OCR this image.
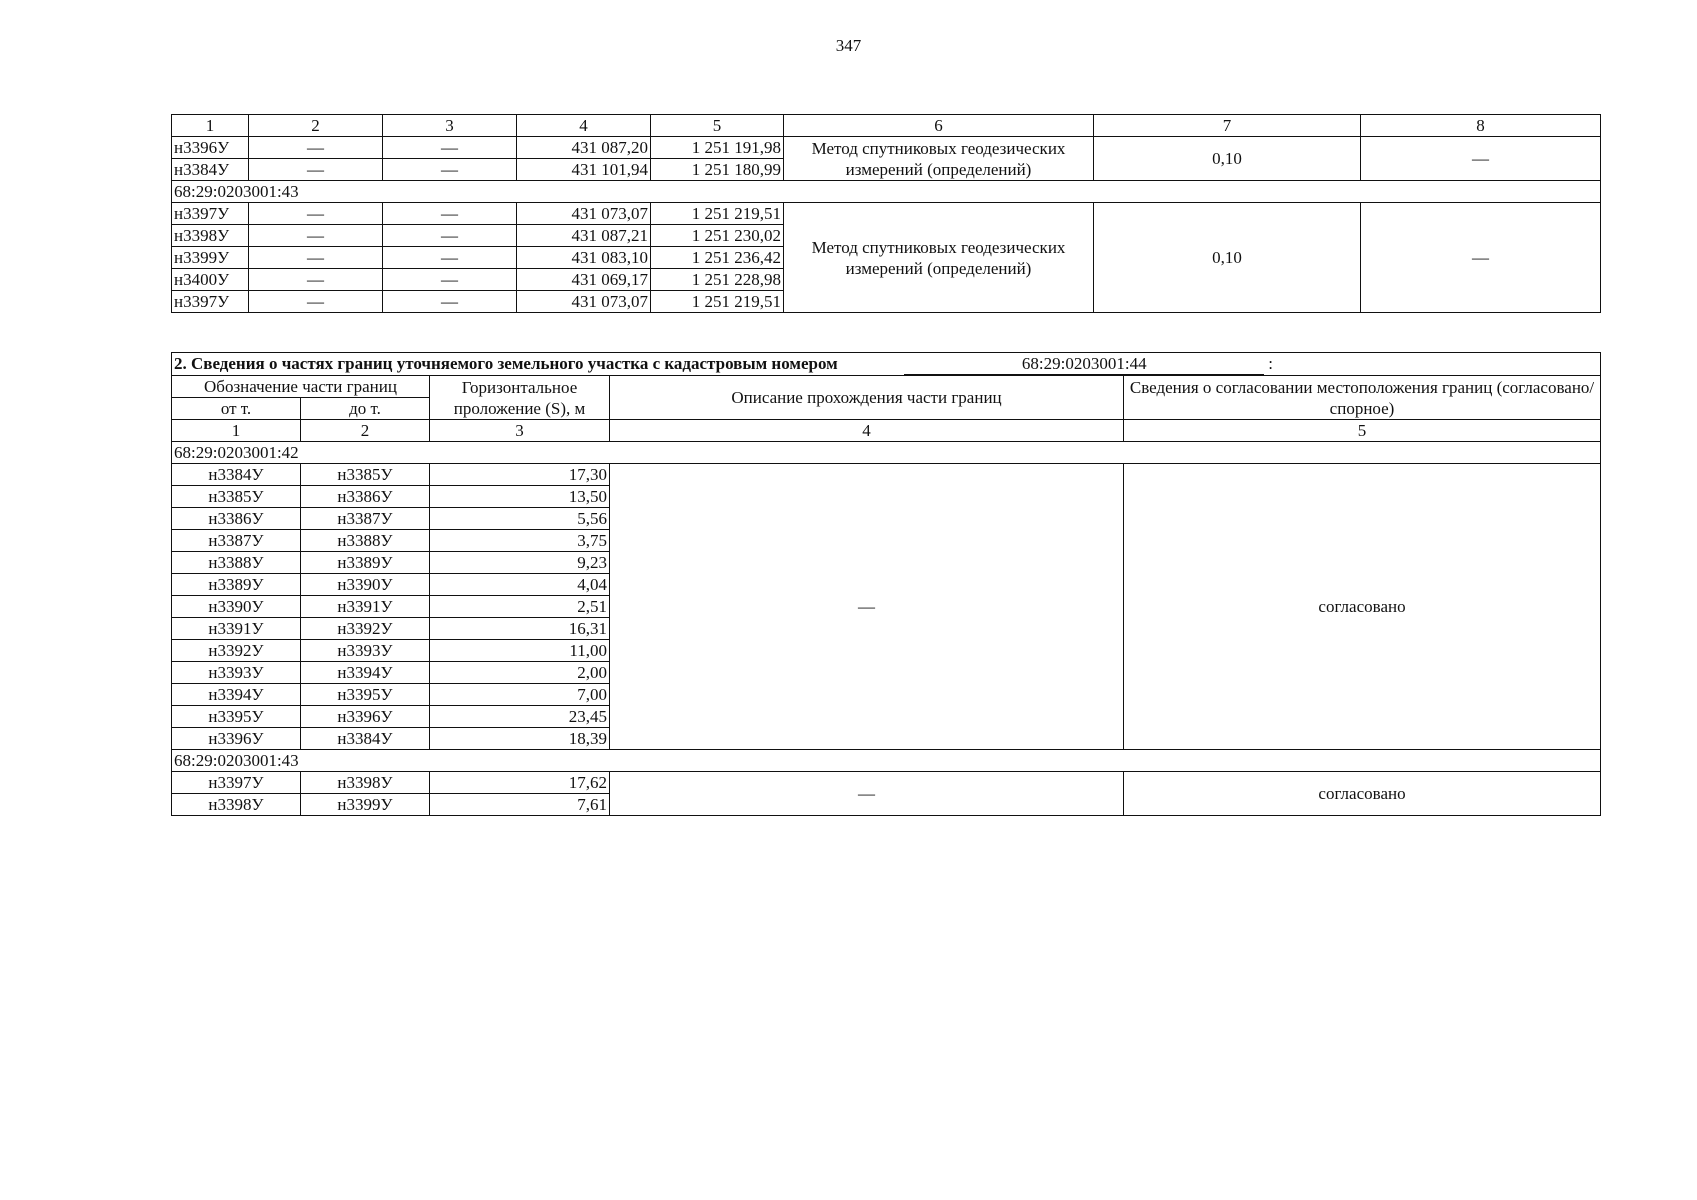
347
1	2	3	4	5	6	7	8
н3396У	—	—	431 087,20	1 251 191,98	Метод спутниковых геодезических измерений (определений)	0,10	—
н3384У	—	—	431 101,94	1 251 180,99			
68:29:0203001:43							
н3397У	—	—	431 073,07	1 251 219,51	Метод спутниковых геодезических измерений (определений)	0,10	—
н3398У	—	—	431 087,21	1 251 230,02			
н3399У	—	—	431 083,10	1 251 236,42			
н3400У	—	—	431 069,17	1 251 228,98			
н3397У	—	—	431 073,07	1 251 219,51			
2. Сведения о частях границ уточняемого земельного участка с кадастровым номером 68:29:0203001:44 :				
Обозначение части границ		Горизонтальное проложение (S), м	Описание прохождения части границ	Сведения о согласовании местоположения границ (согласовано/спорное)
от т.	до т.			
1	2	3	4	5
68:29:0203001:42				
н3384У	н3385У	17,30	—	согласовано
н3385У	н3386У	13,50		
н3386У	н3387У	5,56		
н3387У	н3388У	3,75		
н3388У	н3389У	9,23		
н3389У	н3390У	4,04		
н3390У	н3391У	2,51		
н3391У	н3392У	16,31		
н3392У	н3393У	11,00		
н3393У	н3394У	2,00		
н3394У	н3395У	7,00		
н3395У	н3396У	23,45		
н3396У	н3384У	18,39		
68:29:0203001:43				
н3397У	н3398У	17,62	—	согласовано
н3398У	н3399У	7,61		
